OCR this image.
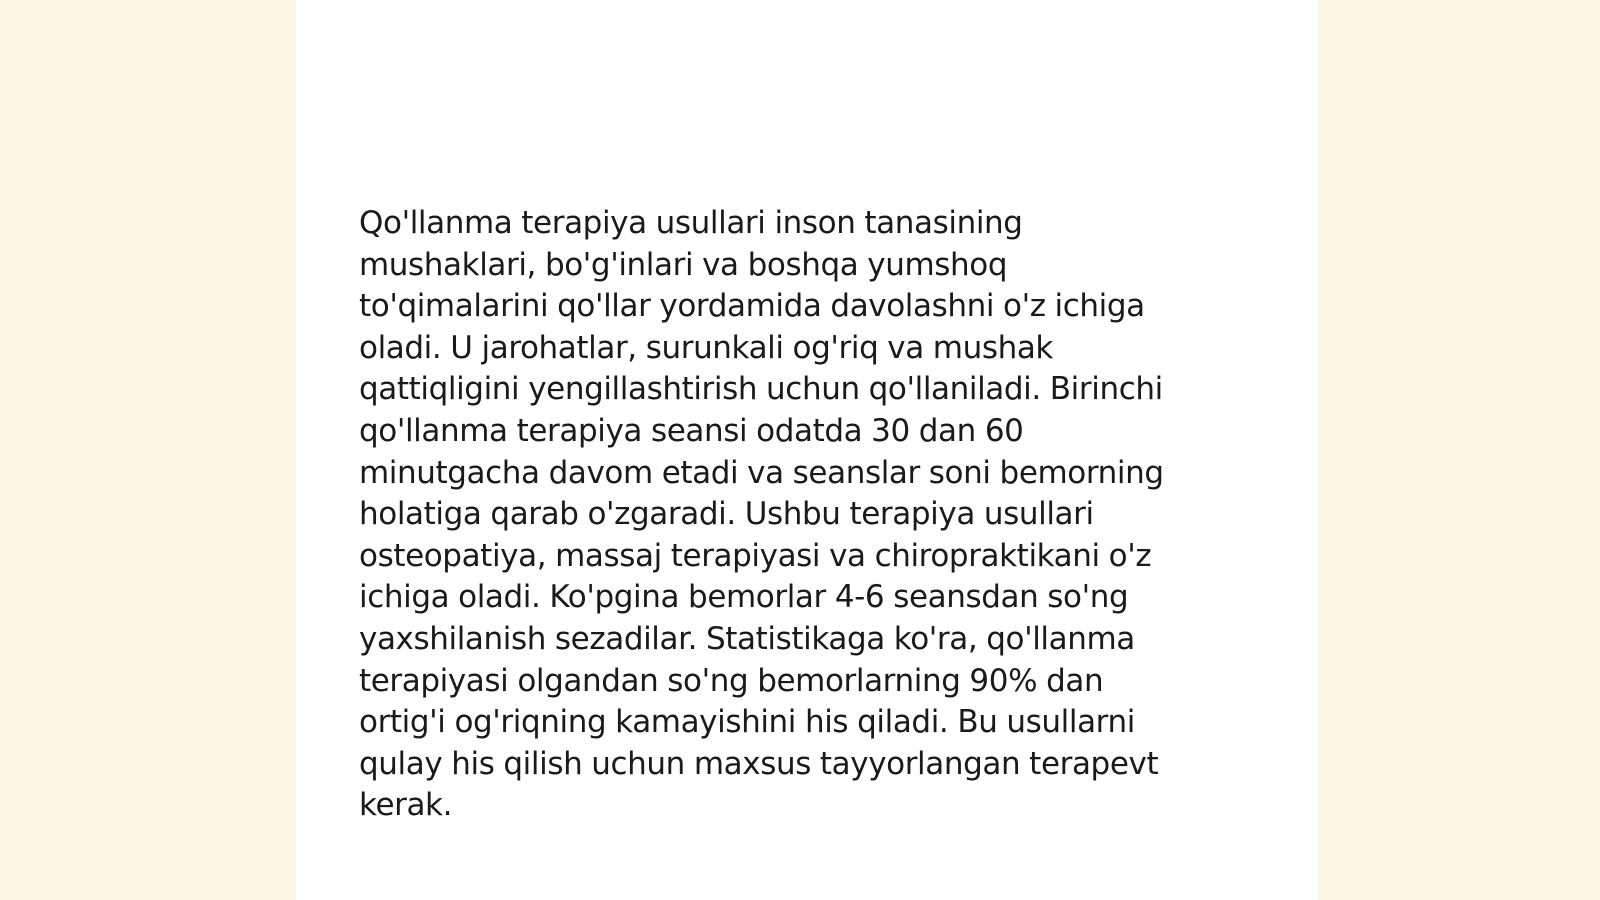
Qo'llanma terapiya usullari inson tanasining
mushaklari, bo'g'inlari va boshqa yumshoq
to'qimalarini qo'llar yordamida davolashni o'z ichiga
oladi. U jarohatlar, surunkali og'riq va mushak
qattiqligini yengillashtirish uchun qo'llaniladi. Birinchi
qo'llanma terapiya seansi odatda 30 dan 60
minutgacha davom etadi va seanslar soni bemorning
holatiga qarab o'zgaradi. Ushbu terapiya usullari
osteopatiya, massaj terapiyasi va chiropraktikani o'z
ichiga oladi. Ko'pgina bemorlar 4-6 seansdan so'ng
yaxshilanish sezadilar. Statistikaga ko'ra, qo'llanma
terapiyasi olgandan so'ng bemorlarning 90% dan
ortig'i og'riqning kamayishini his qiladi. Bu usullarni
qulay his qilish uchun maxsus tayyorlangan terapevt
kerak.
